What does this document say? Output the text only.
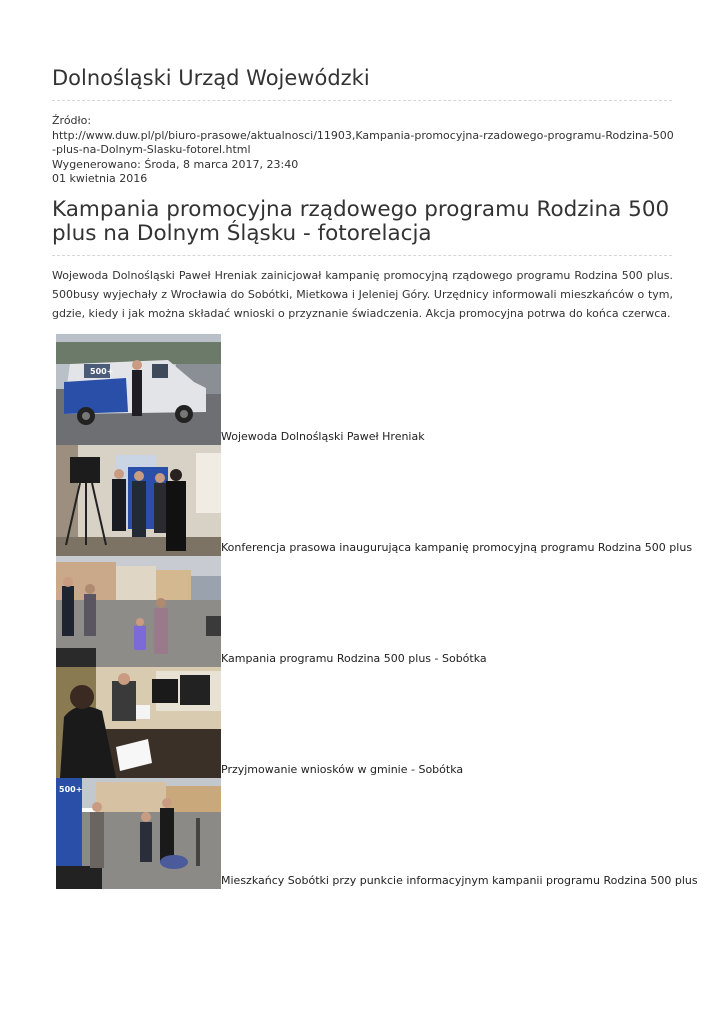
Dolnośląski Urząd Wojewódzki
Źródło:
http://www.duw.pl/pl/biuro-prasowe/aktualnosci/11903,Kampania-promocyjna-rzadowego-programu-Rodzina-500-plus-na-Dolnym-Slasku-fotorel.html
Wygenerowano: Środa, 8 marca 2017, 23:40
01 kwietnia 2016
Kampania promocyjna rządowego programu Rodzina 500 plus na Dolnym Śląsku - fotorelacja

Wojewoda Dolnośląski Paweł Hreniak zainicjował kampanię promocyjną rządowego programu Rodzina 500 plus. 500busy wyjechały z Wrocławia do Sobótki, Mietkowa i Jeleniej Góry. Urzędnicy informowali mieszkańców o tym, gdzie, kiedy i jak można składać wnioski o przyznanie świadczenia. Akcja promocyjna potrwa do końca czerwca.

500+
Wojewoda Dolnośląski Paweł Hreniak
Konferencja prasowa inaugurująca kampanię promocyjną programu Rodzina 500 plus
Kampania programu Rodzina 500 plus - Sobótka
Przyjmowanie wniosków w gminie - Sobótka
500+
Mieszkańcy Sobótki przy punkcie informacyjnym kampanii programu Rodzina 500 plus
